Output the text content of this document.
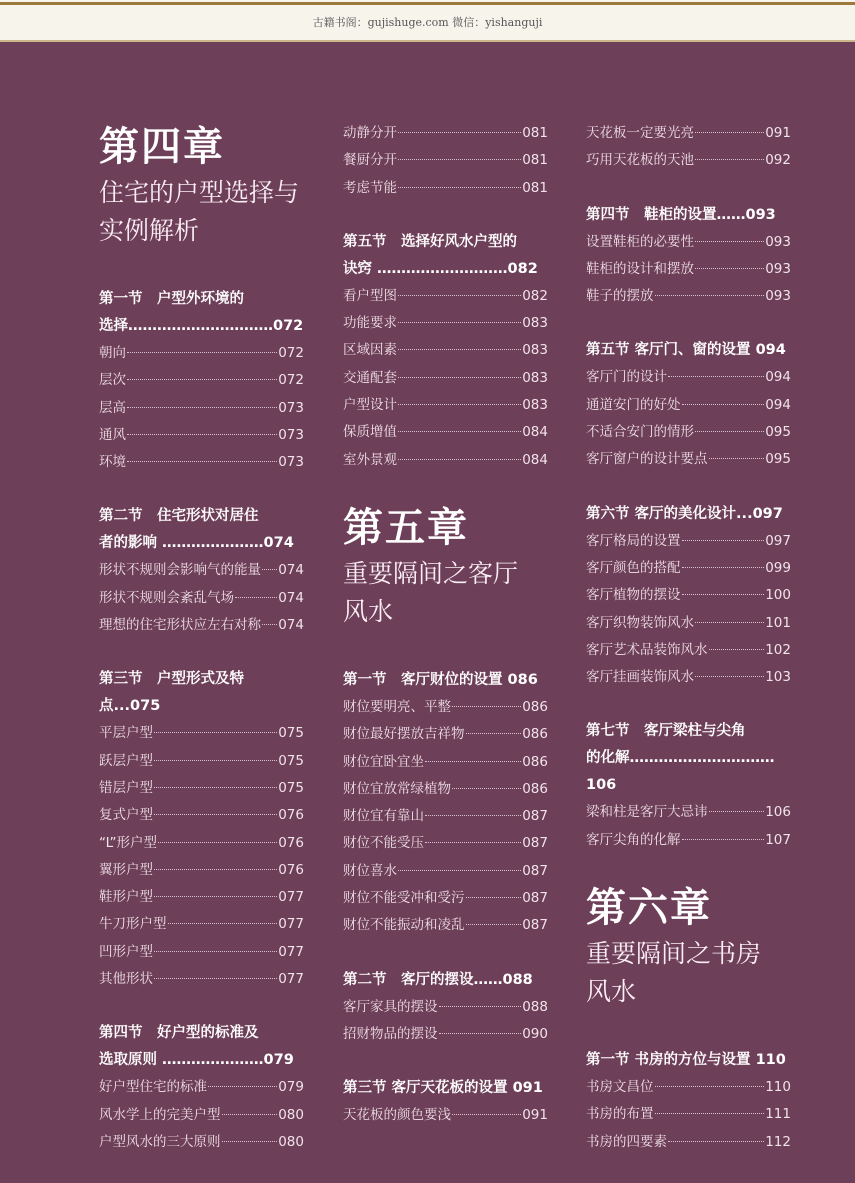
古籍书阁：gujishuge.com 微信：yishanguji
第四章
住宅的户型选择与
实例解析
第一节　户型外环境的
选择…………………………072
朝向	072
层次	072
层高	073
通风	073
环境	073
第二节　住宅形状对居住
者的影响 …………………074
形状不规则会影响气的能量 074
形状不规则会紊乱气场	074
理想的住宅形状应左右对称 074
第三节　户型形式及特点...075
平层户型	075
跃层户型	075
错层户型	075
复式户型	076
“L”形户型	076
翼形户型	076
鞋形户型	077
牛刀形户型	077
凹形户型	077
其他形状	077
第四节　好户型的标准及
选取原则 …………………079
好户型住宅的标准	079
风水学上的完美户型	080
户型风水的三大原则	080
动静分开	081
餐厨分开	081
考虑节能	081
第五节　选择好风水户型的
诀窍 ………………………082
看户型图	082
功能要求	083
区域因素	083
交通配套	083
户型设计	083
保质增值	084
室外景观	084
第五章
重要隔间之客厅
风水
第一节　客厅财位的设置 086
财位要明亮、平整	086
财位最好摆放吉祥物	086
财位宜卧宜坐	086
财位宜放常绿植物	086
财位宜有靠山	087
财位不能受压	087
财位喜水	087
财位不能受冲和受污	087
财位不能振动和凌乱	087
第二节　客厅的摆设……088
客厅家具的摆设	088
招财物品的摆设	090
第三节 客厅天花板的设置 091
天花板的颜色要浅	091
天花板一定要光亮	091
巧用天花板的天池	092
第四节　鞋柜的设置……093
设置鞋柜的必要性	093
鞋柜的设计和摆放	093
鞋子的摆放	093
第五节 客厅门、窗的设置 094
客厅门的设计	094
通道安门的好处	094
不适合安门的情形	095
客厅窗户的设计要点	095
第六节 客厅的美化设计...097
客厅格局的设置	097
客厅颜色的搭配	099
客厅植物的摆设	100
客厅织物装饰风水	101
客厅艺术品装饰风水	102
客厅挂画装饰风水	103
第七节　客厅梁柱与尖角
的化解…………………………106
梁和柱是客厅大忌讳	106
客厅尖角的化解	107
第六章
重要隔间之书房
风水
第一节 书房的方位与设置 110
书房文昌位	110
书房的布置	111
书房的四要素	112
